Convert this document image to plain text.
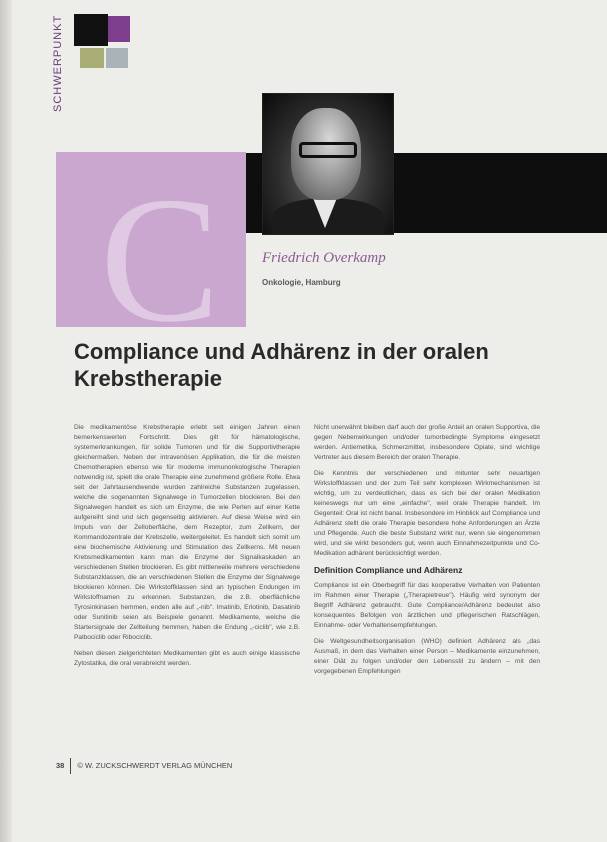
SCHWERPUNKT
C	Friedrich Overkamp
Onkologie, Hamburg
Compliance und Adhärenz in der oralen Krebstherapie

Die medikamentöse Krebstherapie erlebt seit einigen Jahren einen bemerkenswerten Fortschritt. Dies gilt für hämatologische, systemerkrankungen, für solide Tumoren und für die Supportivtherapie gleichermaßen. Neben der intravenösen Applikation, die für die meisten Chemotherapien ebenso wie für moderne immunonkologische Therapien notwendig ist, spielt die orale Therapie eine zunehmend größere Rolle. Etwa seit der Jahrtausendwende wurden zahlreiche Substanzen zugelassen, welche die sogenannten Signalwege in Tumorzellen blockieren. Bei den Signalwegen handelt es sich um Enzyme, die wie Perlen auf einer Kette aufgereiht sind und sich gegenseitig aktivieren. Auf diese Weise wird ein Impuls von der Zelloberfläche, dem Rezeptor, zum Zellkern, der Kommandozentrale der Krebszelle, weitergeleitet. Es handelt sich somit um eine biochemische Aktivierung und Stimulation des Zellkerns. Mit neuen Krebsmedikamenten kann man die Enzyme der Signalkaskaden an verschiedenen Stellen blockieren. Es gibt mittlerweile mehrere verschiedene Substanzklassen, die an verschiedenen Stellen die Enzyme der Signalwege blockieren können. Die Wirkstoffklassen sind an typischen Endungen im Wirkstoffnamen zu erkennen. Substanzen, die z.B. oberflächliche Tyrosinkinasen hemmen, enden alle auf „-nib". Imatinib, Erlotinib, Dasatinib oder Sunitinib seien als Beispiele genannt. Medikamente, welche die Startersignale der Zellteilung hemmen, haben die Endung „-ciclib", wie z.B. Palbociclib oder Ribociclib.

Neben diesen zielgerichteten Medikamenten gibt es auch einige klassische Zytostatika, die oral verabreicht werden.

Nicht unerwähnt bleiben darf auch der große Anteil an oralen Supportiva, die gegen Nebenwirkungen und/oder tumorbedingte Symptome eingesetzt werden. Antiemetika, Schmerzmittel, insbesondere Opiate, sind wichtige Vertreter aus diesem Bereich der oralen Therapie.

Die Kenntnis der verschiedenen und mitunter sehr neuartigen Wirkstoffklassen und der zum Teil sehr komplexen Wirkmechanismen ist wichtig, um zu verdeutlichen, dass es sich bei der oralen Medikation keineswegs nur um eine „einfache", weil orale Therapie handelt. Im Gegenteil: Oral ist nicht banal. Insbesondere im Hinblick auf Compliance und Adhärenz stellt die orale Therapie besondere hohe Anforderungen an Ärzte und Pflegende. Auch die beste Substanz wirkt nur, wenn sie eingenommen wird, und sie wirkt besonders gut, wenn auch Einnahmezeitpunkte und Co-Medikation adhärent berücksichtigt werden.

Definition Compliance und Adhärenz

Compliance ist ein Oberbegriff für das kooperative Verhalten von Patienten im Rahmen einer Therapie („Therapietreue"). Häufig wird synonym der Begriff Adhärenz gebraucht. Gute Compliance/Adhärenz bedeutet also konsequentes Befolgen von ärztlichen und pflegerischen Ratschlägen, Einnahme- oder Verhaltensempfehlungen.

Die Weltgesundheitsorganisation (WHO) definiert Adhärenz als „das Ausmaß, in dem das Verhalten einer Person – Medikamente einzunehmen, einer Diät zu folgen und/oder den Lebensstil zu ändern – mit den vorgegebenen Empfehlungen

38 © W. ZUCKSCHWERDT VERLAG MÜNCHEN
